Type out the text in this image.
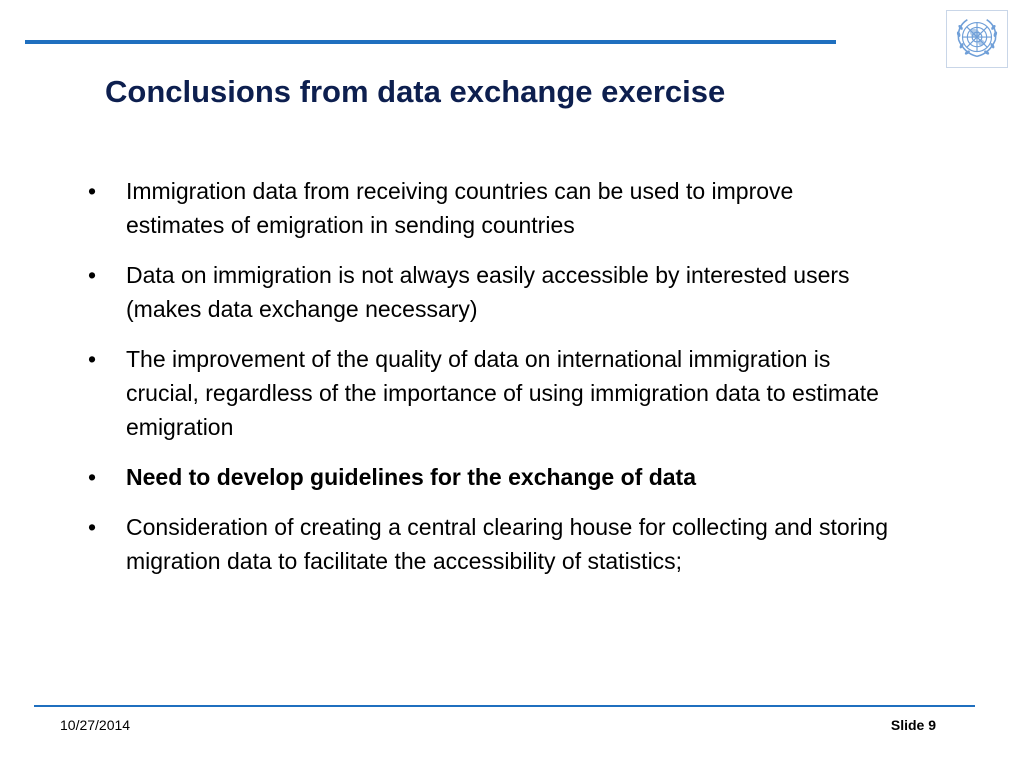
Conclusions from data exchange exercise
•	Immigration data from receiving countries can be used to improve estimates of emigration in sending countries
•	Data on immigration is not always easily accessible by interested users (makes data exchange necessary)
•	The improvement of the quality of data on international immigration is crucial, regardless of the importance of using immigration data to estimate emigration
•	Need to develop guidelines for the exchange of data
•	Consideration of creating a central clearing house for collecting and storing migration data to facilitate the accessibility of statistics;
10/27/2014	Slide 9
